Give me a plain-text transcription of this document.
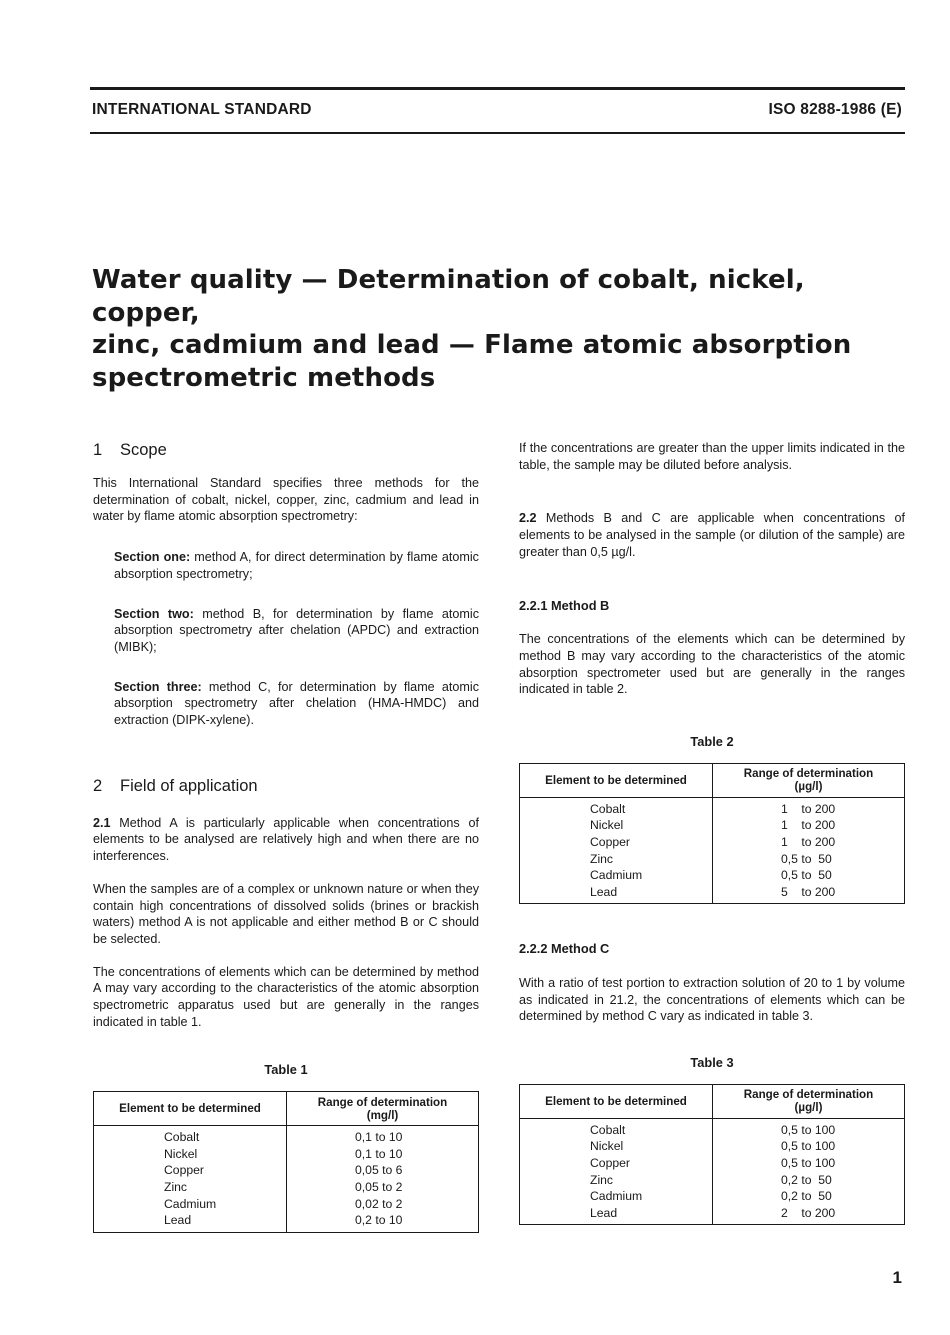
INTERNATIONAL STANDARD	ISO 8288-1986 (E)
Water quality — Determination of cobalt, nickel, copper,
zinc, cadmium and lead — Flame atomic absorption
spectrometric methods
1 Scope

This International Standard specifies three methods for the determination of cobalt, nickel, copper, zinc, cadmium and lead in water by flame atomic absorption spectrometry:

Section one: method A, for direct determination by flame atomic absorption spectrometry;

Section two: method B, for determination by flame atomic absorption spectrometry after chelation (APDC) and extraction (MIBK);

Section three: method C, for determination by flame atomic absorption spectrometry after chelation (HMA-HMDC) and extraction (DIPK-xylene).

2 Field of application

2.1 Method A is particularly applicable when concentrations of elements to be analysed are relatively high and when there are no interferences.

When the samples are of a complex or unknown nature or when they contain high concentrations of dissolved solids (brines or brackish waters) method A is not applicable and either method B or C should be selected.

The concentrations of elements which can be determined by method A may vary according to the characteristics of the atomic absorption spectrometric apparatus used but are generally in the ranges indicated in table 1.

Table 1
Element to be determined	Range of determination
(mg/l)
Cobalt	0,1 to 10
Nickel	0,1 to 10
Copper	0,05 to 6
Zinc	0,05 to 2
Cadmium	0,02 to 2
Lead	0,2 to 10

If the concentrations are greater than the upper limits indicated in the table, the sample may be diluted before analysis.

2.2 Methods B and C are applicable when concentrations of elements to be analysed in the sample (or dilution of the sample) are greater than 0,5 µg/l.

2.2.1 Method B

The concentrations of the elements which can be determined by method B may vary according to the characteristics of the atomic absorption spectrometer used but are generally in the ranges indicated in table 2.

Table 2
Element to be determined	Range of determination
(µg/l)
Cobalt	1    to 200
Nickel	1    to 200
Copper	1    to 200
Zinc	0,5 to  50
Cadmium	0,5 to  50
Lead	5    to 200
2.2.2 Method C

With a ratio of test portion to extraction solution of 20 to 1 by volume as indicated in 21.2, the concentrations of elements which can be determined by method C vary as indicated in table 3.

Table 3
Element to be determined	Range of determination
(µg/l)
Cobalt	0,5 to 100
Nickel	0,5 to 100
Copper	0,5 to 100
Zinc	0,2 to  50
Cadmium	0,2 to  50
Lead	2    to 200
1
